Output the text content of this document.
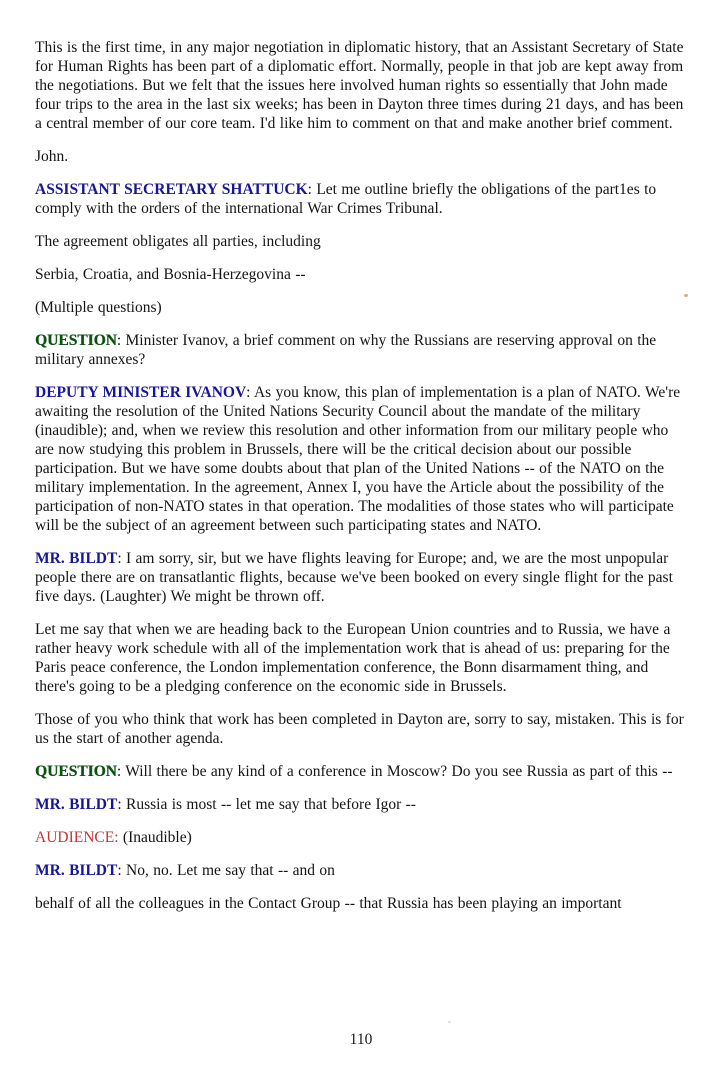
This is the first time, in any major negotiation in diplomatic history, that an Assistant Secretary of State for Human Rights has been part of a diplomatic effort. Normally, people in that job are kept away from the negotiations. But we felt that the issues here involved human rights so essentially that John made four trips to the area in the last six weeks; has been in Dayton three times during 21 days, and has been a central member of our core team. I'd like him to comment on that and make another brief comment.

John.

ASSISTANT SECRETARY SHATTUCK: Let me outline briefly the obligations of the part1es to comply with the orders of the international War Crimes Tribunal.

The agreement obligates all parties, including

Serbia, Croatia, and Bosnia-Herzegovina --

(Multiple questions)

QUESTION: Minister Ivanov, a brief comment on why the Russians are reserving approval on the military annexes?

DEPUTY MINISTER IVANOV: As you know, this plan of implementation is a plan of NATO. We're awaiting the resolution of the United Nations Security Council about the mandate of the military (inaudible); and, when we review this resolution and other information from our military people who are now studying this problem in Brussels, there will be the critical decision about our possible participation. But we have some doubts about that plan of the United Nations -- of the NATO on the military implementation. In the agreement, Annex I, you have the Article about the possibility of the participation of non-NATO states in that operation. The modalities of those states who will participate will be the subject of an agreement between such participating states and NATO.

MR. BILDT: I am sorry, sir, but we have flights leaving for Europe; and, we are the most unpopular people there are on transatlantic flights, because we've been booked on every single flight for the past five days. (Laughter) We might be thrown off.

Let me say that when we are heading back to the European Union countries and to Russia, we have a rather heavy work schedule with all of the implementation work that is ahead of us: preparing for the Paris peace conference, the London implementation conference, the Bonn disarmament thing, and there's going to be a pledging conference on the economic side in Brussels.

Those of you who think that work has been completed in Dayton are, sorry to say, mistaken. This is for us the start of another agenda.

QUESTION: Will there be any kind of a conference in Moscow? Do you see Russia as part of this --

MR. BILDT: Russia is most -- let me say that before Igor --

AUDIENCE: (Inaudible)

MR. BILDT: No, no. Let me say that -- and on

behalf of all the colleagues in the Contact Group -- that Russia has been playing an important

110
